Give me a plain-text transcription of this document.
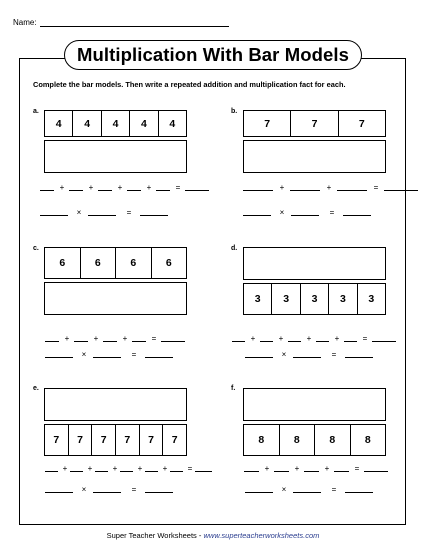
Name:
Multiplication With Bar Models
Complete the bar models. Then write a repeated addition and multiplication fact for each.
a.
4	4	4	4	4
+	+	+	+	=
×	=
b.
7	7	7
+	+	=
×	=
c.
6	6	6	6
+	+	+	=
×	=
d.
3	3	3	3	3
+	+	+	+	=
×	=
e.
7	7	7	7	7	7
+	+	+	+	+	=
×	=
f.
8	8	8	8
+	+	+	=
×	=
Super Teacher Worksheets - www.superteacherworksheets.com
